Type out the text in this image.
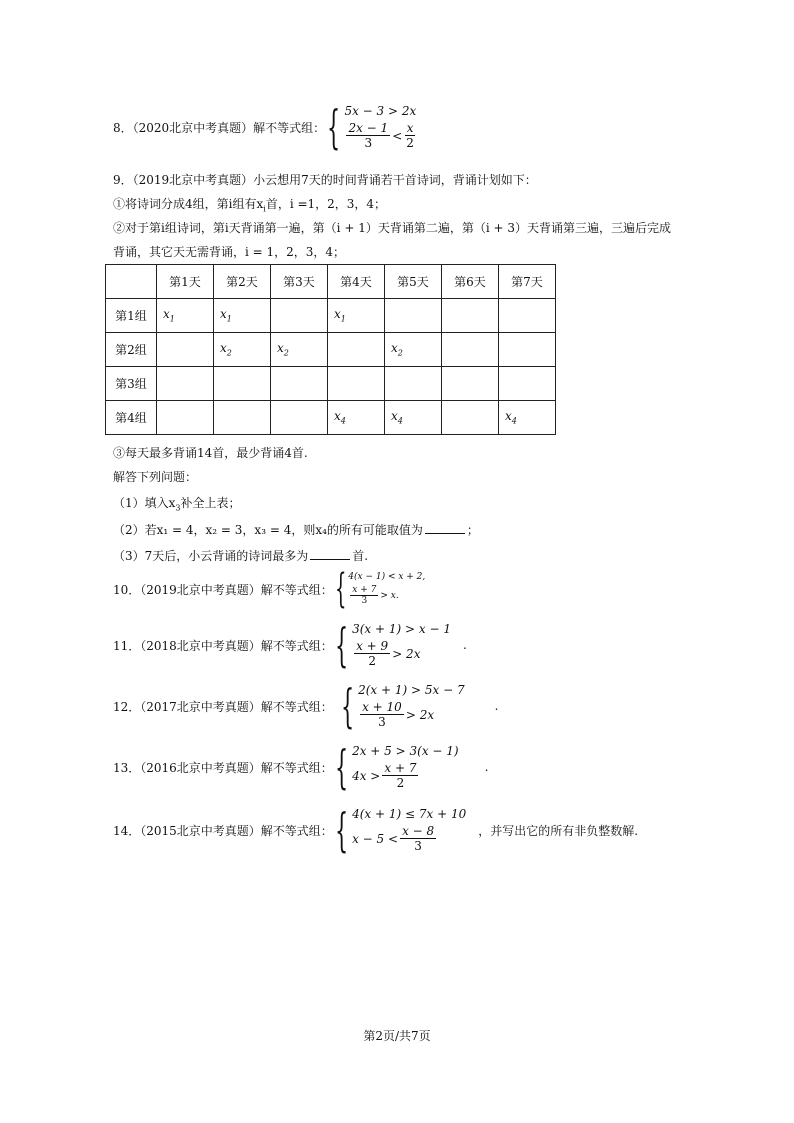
8．（2020北京中考真题）解不等式组： { 5x − 3 > 2x
$\frac{2x - 1}{3} < \frac{x}{2}$
9．（2019北京中考真题）小云想用7天的时间背诵若干首诗词，背诵计划如下：
①将诗词分成4组，第i组有$x_i$首，i =1，2，3，4；
②对于第i组诗词，第i天背诵第一遍，第（i + 1）天背诵第二遍，第（i + 3）天背诵第三遍，三遍后完成
背诵，其它天无需背诵，i = 1，2，3，4；
	第1天	第2天	第3天	第4天	第5天	第6天	第7天
第1组	$x_1$	$x_1$		$x_1$			
第2组		$x_2$	$x_2$		$x_2$		
第3组							
第4组				$x_4$	$x_4$		$x_4$
③每天最多背诵14首，最少背诵4首.
解答下列问题：
（1）填入$x_3$补全上表；
（2）若x₁ = 4，x₂ = 3，x₃ = 4，则x₄的所有可能取值为	；
（3）7天后，小云背诵的诗词最多为	首.
10．（2019北京中考真题）解不等式组： { 4(x − 1) < x + 2,
$\frac{x + 7}{3} > x$.
11．（2018北京中考真题）解不等式组： { 3(x + 1) > x − 1
$\frac{x + 9}{2} > 2x$
.
12．（2017北京中考真题）解不等式组： { 2(x + 1) > 5x − 7
$\frac{x + 10}{3} > 2x$
.
13．（2016北京中考真题）解不等式组： { 2x + 5 > 3(x − 1)
$4x > \frac{x + 7}{2}$	.
14．（2015北京中考真题）解不等式组： { 4(x + 1) ≤ 7x + 10
$x - 5 < \frac{x - 8}{3}$	，并写出它的所有非负整数解.
第2页/共7页
